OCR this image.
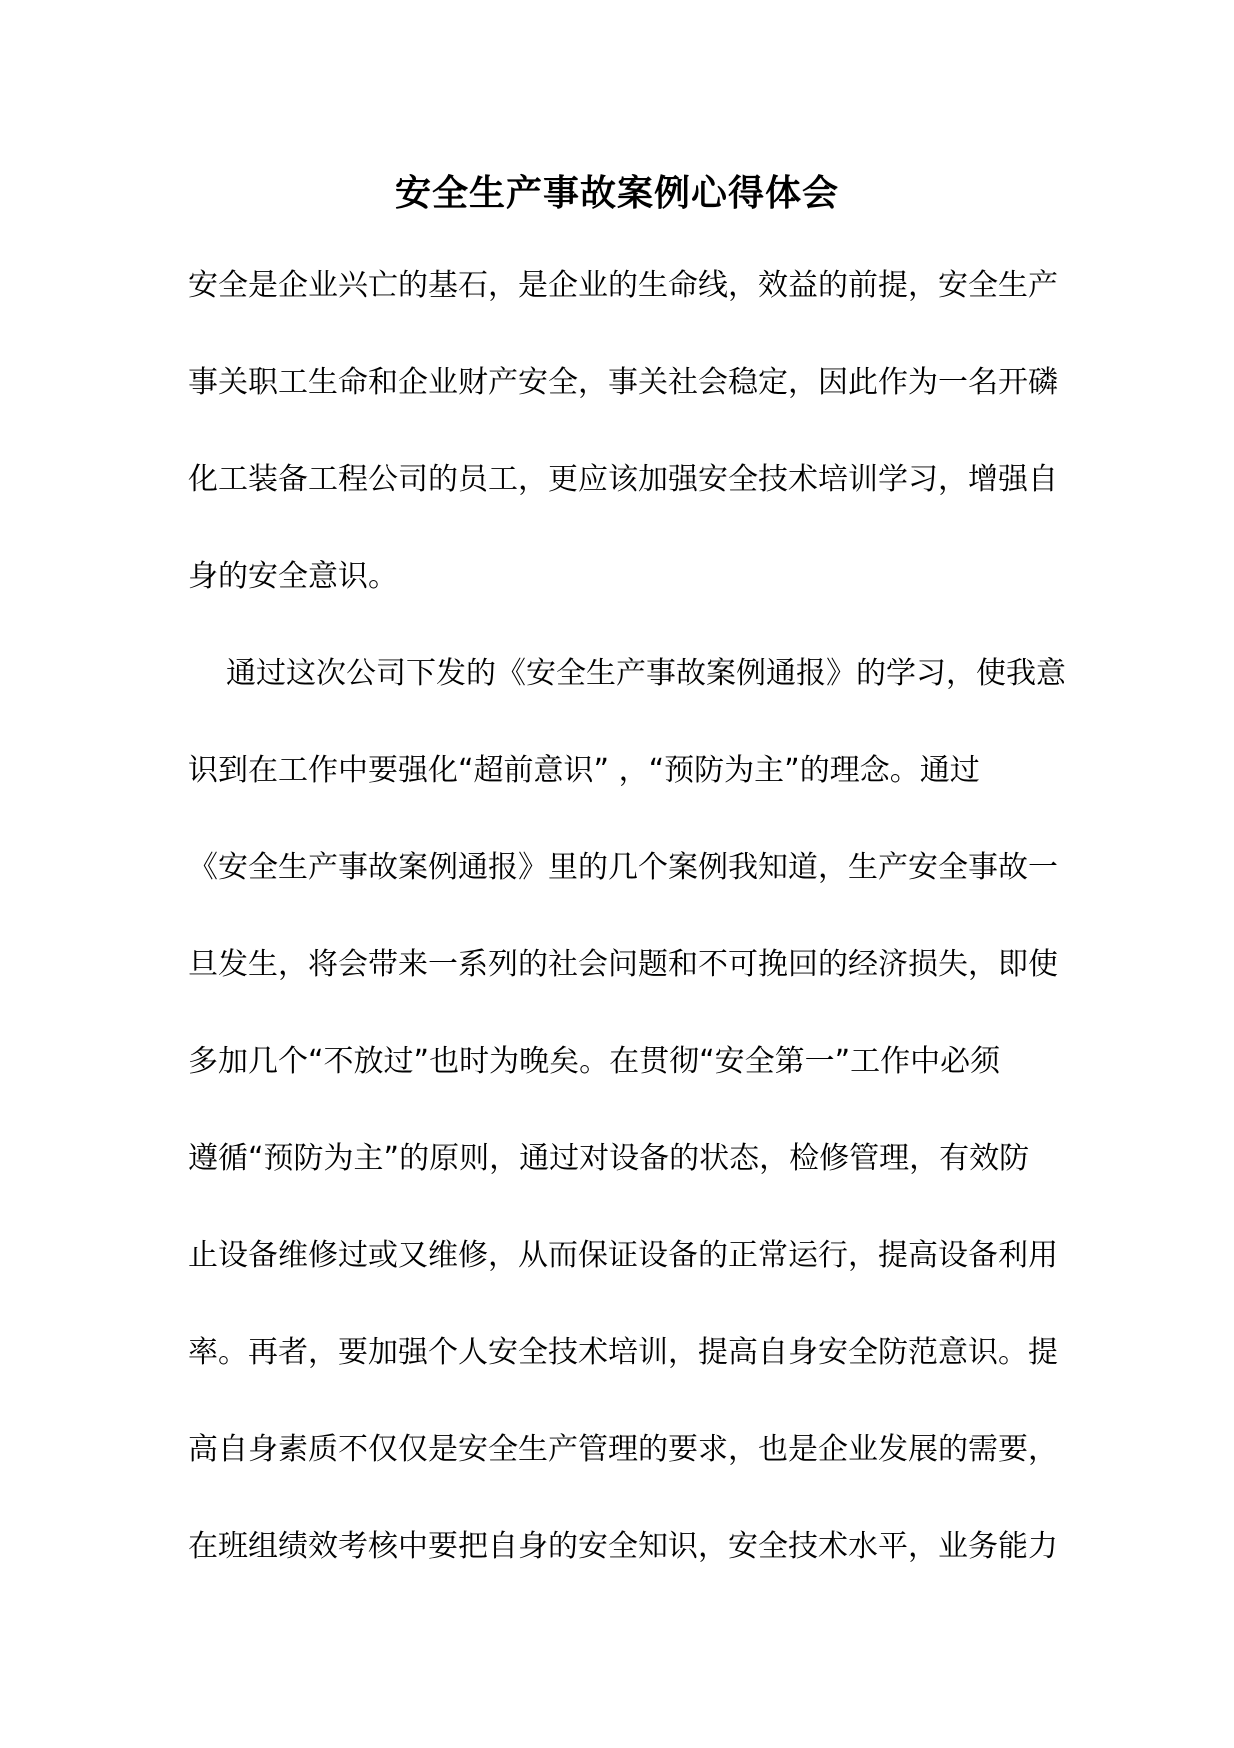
安全生产事故案例心得体会

安全是企业兴亡的基石，是企业的生命线，效益的前提，安全生产

事关职工生命和企业财产安全，事关社会稳定，因此作为一名开磷

化工装备工程公司的员工，更应该加强安全技术培训学习，增强自

身的安全意识。

通过这次公司下发的《安全生产事故案例通报》的学习，使我意

识到在工作中要强化“超前意识” ，“预防为主”的理念。通过

《安全生产事故案例通报》里的几个案例我知道，生产安全事故一

旦发生，将会带来一系列的社会问题和不可挽回的经济损失，即使

多加几个“不放过”也时为晚矣。在贯彻“安全第一”工作中必须

遵循“预防为主”的原则，通过对设备的状态，检修管理，有效防

止设备维修过或又维修，从而保证设备的正常运行，提高设备利用

率。再者，要加强个人安全技术培训，提高自身安全防范意识。提

高自身素质不仅仅是安全生产管理的要求，也是企业发展的需要，

在班组绩效考核中要把自身的安全知识，安全技术水平，业务能力
